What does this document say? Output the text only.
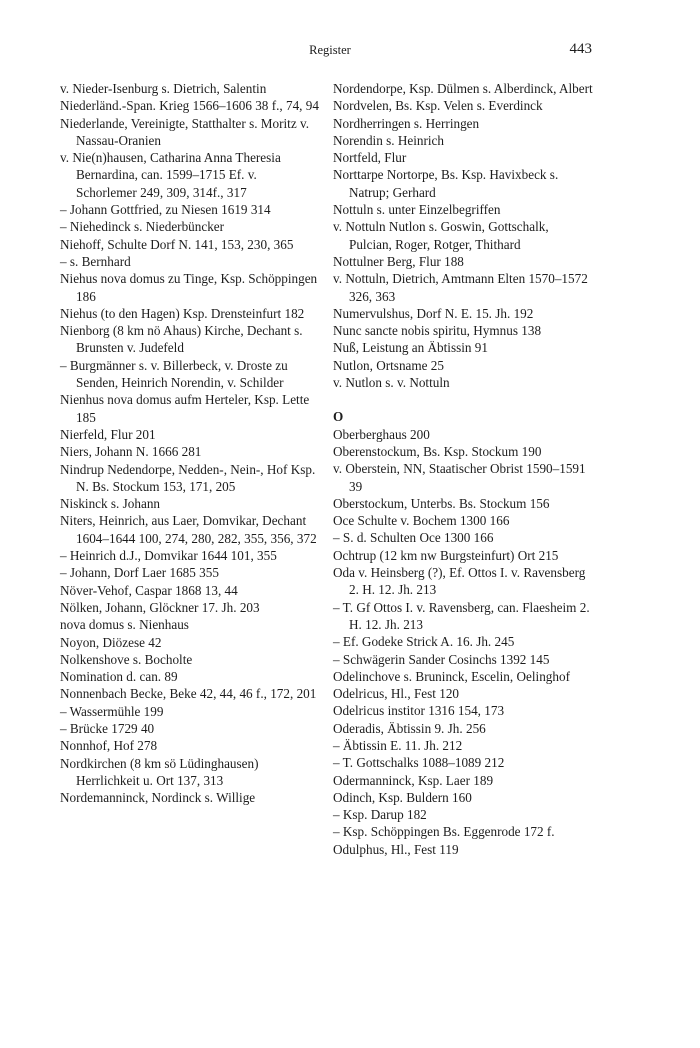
Register	443

v. Nieder-Isenburg s. Dietrich, Salentin

Niederländ.-Span. Krieg 1566–1606 38 f., 74, 94

Niederlande, Vereinigte, Statthalter s. Moritz v. Nassau-Oranien

v. Nie(n)hausen, Catharina Anna Theresia Bernardina, can. 1599–1715 Ef. v. Schorlemer 249, 309, 314f., 317

– Johann Gottfried, zu Niesen 1619 314

– Niehedinck s. Niederbüncker

Niehoff, Schulte Dorf N. 141, 153, 230, 365

– s. Bernhard

Niehus nova domus zu Tinge, Ksp. Schöppingen 186

Niehus (to den Hagen) Ksp. Drensteinfurt 182

Nienborg (8 km nö Ahaus) Kirche, Dechant s. Brunsten v. Judefeld

– Burgmänner s. v. Billerbeck, v. Droste zu Senden, Heinrich Norendin, v. Schilder

Nienhus nova domus aufm Herteler, Ksp. Lette 185

Nierfeld, Flur 201

Niers, Johann N. 1666 281

Nindrup Nedendorpe, Nedden-, Nein-, Hof Ksp. N. Bs. Stockum 153, 171, 205

Niskinck s. Johann

Niters, Heinrich, aus Laer, Domvikar, Dechant 1604–1644 100, 274, 280, 282, 355, 356, 372

– Heinrich d.J., Domvikar 1644 101, 355

– Johann, Dorf Laer 1685 355

Növer-Vehof, Caspar 1868 13, 44

Nölken, Johann, Glöckner 17. Jh. 203

nova domus s. Nienhaus

Noyon, Diözese 42

Nolkenshove s. Bocholte

Nomination d. can. 89

Nonnenbach Becke, Beke 42, 44, 46 f., 172, 201

– Wassermühle 199

– Brücke 1729 40

Nonnhof, Hof 278

Nordkirchen (8 km sö Lüdinghausen) Herrlichkeit u. Ort 137, 313

Nordemanninck, Nordinck s. Willige

Nordendorpe, Ksp. Dülmen s. Alberdinck, Albert

Nordvelen, Bs. Ksp. Velen s. Everdinck

Nordherringen s. Herringen

Norendin s. Heinrich

Nortfeld, Flur

Norttarpe Nortorpe, Bs. Ksp. Havixbeck s. Natrup; Gerhard

Nottuln s. unter Einzelbegriffen

v. Nottuln Nutlon s. Goswin, Gottschalk, Pulcian, Roger, Rotger, Thithard

Nottulner Berg, Flur 188

v. Nottuln, Dietrich, Amtmann Elten 1570–1572 326, 363

Numervulshus, Dorf N. E. 15. Jh. 192

Nunc sancte nobis spiritu, Hymnus 138

Nuß, Leistung an Äbtissin 91

Nutlon, Ortsname 25

v. Nutlon s. v. Nottuln

O

Oberberghaus 200

Oberenstockum, Bs. Ksp. Stockum 190

v. Oberstein, NN, Staatischer Obrist 1590–1591 39

Oberstockum, Unterbs. Bs. Stockum 156

Oce Schulte v. Bochem 1300 166

– S. d. Schulten Oce 1300 166

Ochtrup (12 km nw Burgsteinfurt) Ort 215

Oda v. Heinsberg (?), Ef. Ottos I. v. Ravensberg 2. H. 12. Jh. 213

– T. Gf Ottos I. v. Ravensberg, can. Flaesheim 2. H. 12. Jh. 213

– Ef. Godeke Strick A. 16. Jh. 245

– Schwägerin Sander Cosinchs 1392 145

Odelinchove s. Bruninck, Escelin, Oelinghof

Odelricus, Hl., Fest 120

Odelricus institor 1316 154, 173

Oderadis, Äbtissin 9. Jh. 256

– Äbtissin E. 11. Jh. 212

– T. Gottschalks 1088–1089 212

Odermanninck, Ksp. Laer 189

Odinch, Ksp. Buldern 160

– Ksp. Darup 182

– Ksp. Schöppingen Bs. Eggenrode 172 f.

Odulphus, Hl., Fest 119
